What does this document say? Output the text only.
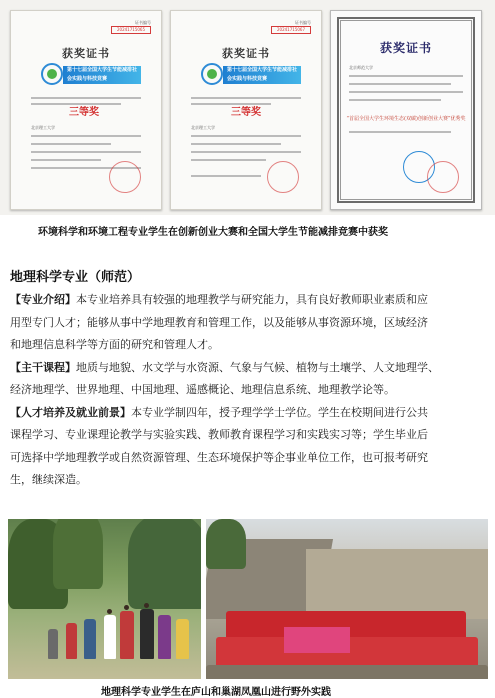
证书编号
20241715065
获奖证书
第十七届全国大学生节能减排社会实践与科技竞赛
三等奖
北京理工大学
证书编号
20241715067
获奖证书
第十七届全国大学生节能减排社会实践与科技竞赛
三等奖
北京理工大学
获奖证书
北京师范大学
“首届全国大学生环境生态(双碳)创新创业大赛”优秀奖
环境科学和环境工程专业学生在创新创业大赛和全国大学生节能减排竞赛中获奖
地理科学专业（师范）

【专业介绍】本专业培养具有较强的地理教学与研究能力，具有良好教师职业素质和应

用型专门人才；能够从事中学地理教育和管理工作，以及能够从事资源环境，区域经济

和地理信息科学等方面的研究和管理人才。

【主干课程】地质与地貌、水文学与水资源、气象与气候、植物与土壤学、人文地理学、

经济地理学、世界地理、中国地理、遥感概论、地理信息系统、地理教学论等。

【人才培养及就业前景】本专业学制四年，授予理学学士学位。学生在校期间进行公共

课程学习、专业课理论教学与实验实践、教师教育课程学习和实践实习等；学生毕业后

可选择中学地理教学或自然资源管理、生态环境保护等企事业单位工作，也可报考研究

生，继续深造。

地理科学专业学生在庐山和巢湖凤凰山进行野外实践
